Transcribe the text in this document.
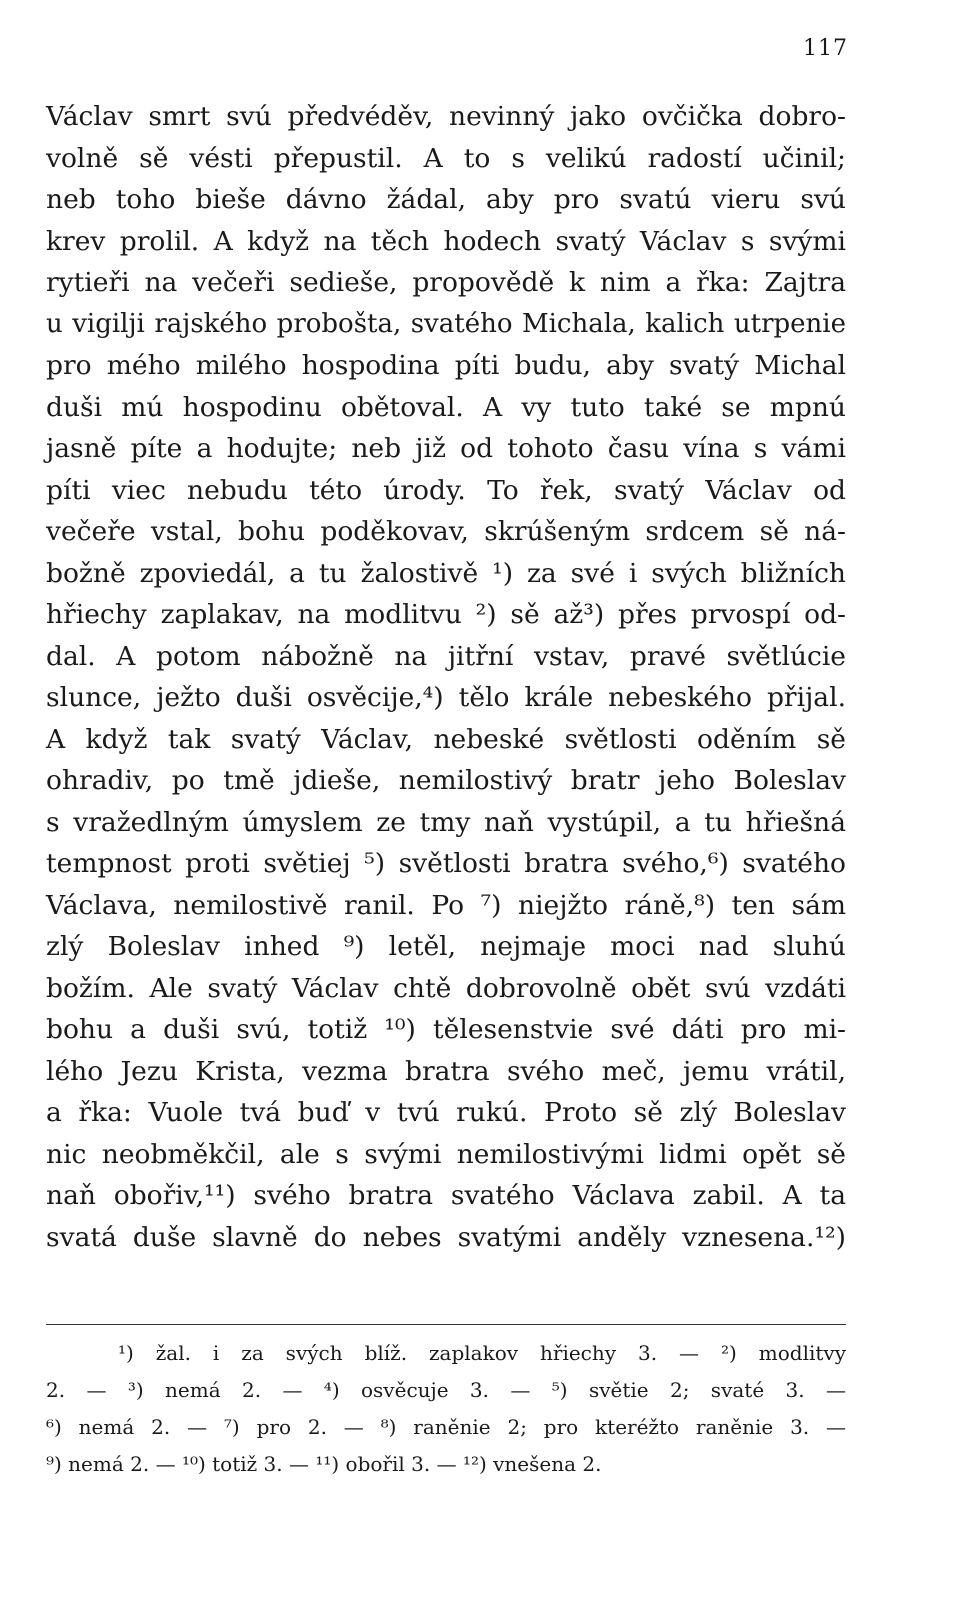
117
Václav smrt svú předvéděv, nevinný jako ovčička dobro-
volně sě vésti přepustil. A to s velikú radostí učinil;
neb toho bieše dávno žádal, aby pro svatú vieru svú
krev prolil. A když na těch hodech svatý Václav s svými
rytieři na večeři sedieše, propovědě k nim a řka: Zajtra
u vigilji rajského probošta, svatého Michala, kalich utrpenie
pro mého milého hospodina píti budu, aby svatý Michal
duši mú hospodinu obětoval. A vy tuto také se mpnú
jasně píte a hodujte; neb již od tohoto času vína s vámi
píti viec nebudu této úrody. To řek, svatý Václav od
večeře vstal, bohu poděkovav, skrúšeným srdcem sě ná-
božně zpoviedál, a tu žalostivě ¹) za své i svých bližních
hřiechy zaplakav, na modlitvu ²) sě až³) přes prvospí od-
dal. A potom nábožně na jitřní vstav, pravé světlúcie
slunce, ježto duši osvěcije,⁴) tělo krále nebeského přijal.
A když tak svatý Václav, nebeské světlosti oděním sě
ohradiv, po tmě jdieše, nemilostivý bratr jeho Boleslav
s vražedlným úmyslem ze tmy naň vystúpil, a tu hřiešná
tempnost proti světiej ⁵) světlosti bratra svého,⁶) svatého
Václava, nemilostivě ranil. Po ⁷) niejžto ráně,⁸) ten sám
zlý Boleslav inhed ⁹) letěl, nejmaje moci nad sluhú
božím. Ale svatý Václav chtě dobrovolně obět svú vzdáti
bohu a duši svú, totiž ¹⁰) tělesenstvie své dáti pro mi-
lého Jezu Krista, vezma bratra svého meč, jemu vrátil,
a řka: Vuole tvá buď v tvú rukú. Proto sě zlý Boleslav
nic neobměkčil, ale s svými nemilostivými lidmi opět sě
naň obořiv,¹¹) svého bratra svatého Václava zabil. A ta
svatá duše slavně do nebes svatými anděly vznesena.¹²)
¹) žal. i za svých blíž. zaplakov hřiechy 3. — ²) modlitvy
2. — ³) nemá 2. — ⁴) osvěcuje 3. — ⁵) světie 2; svaté 3. —
⁶) nemá 2. — ⁷) pro 2. — ⁸) raněnie 2; pro kteréžto raněnie 3. —
⁹) nemá 2. — ¹⁰) totiž 3. — ¹¹) obořil 3. — ¹²) vnešena 2.
